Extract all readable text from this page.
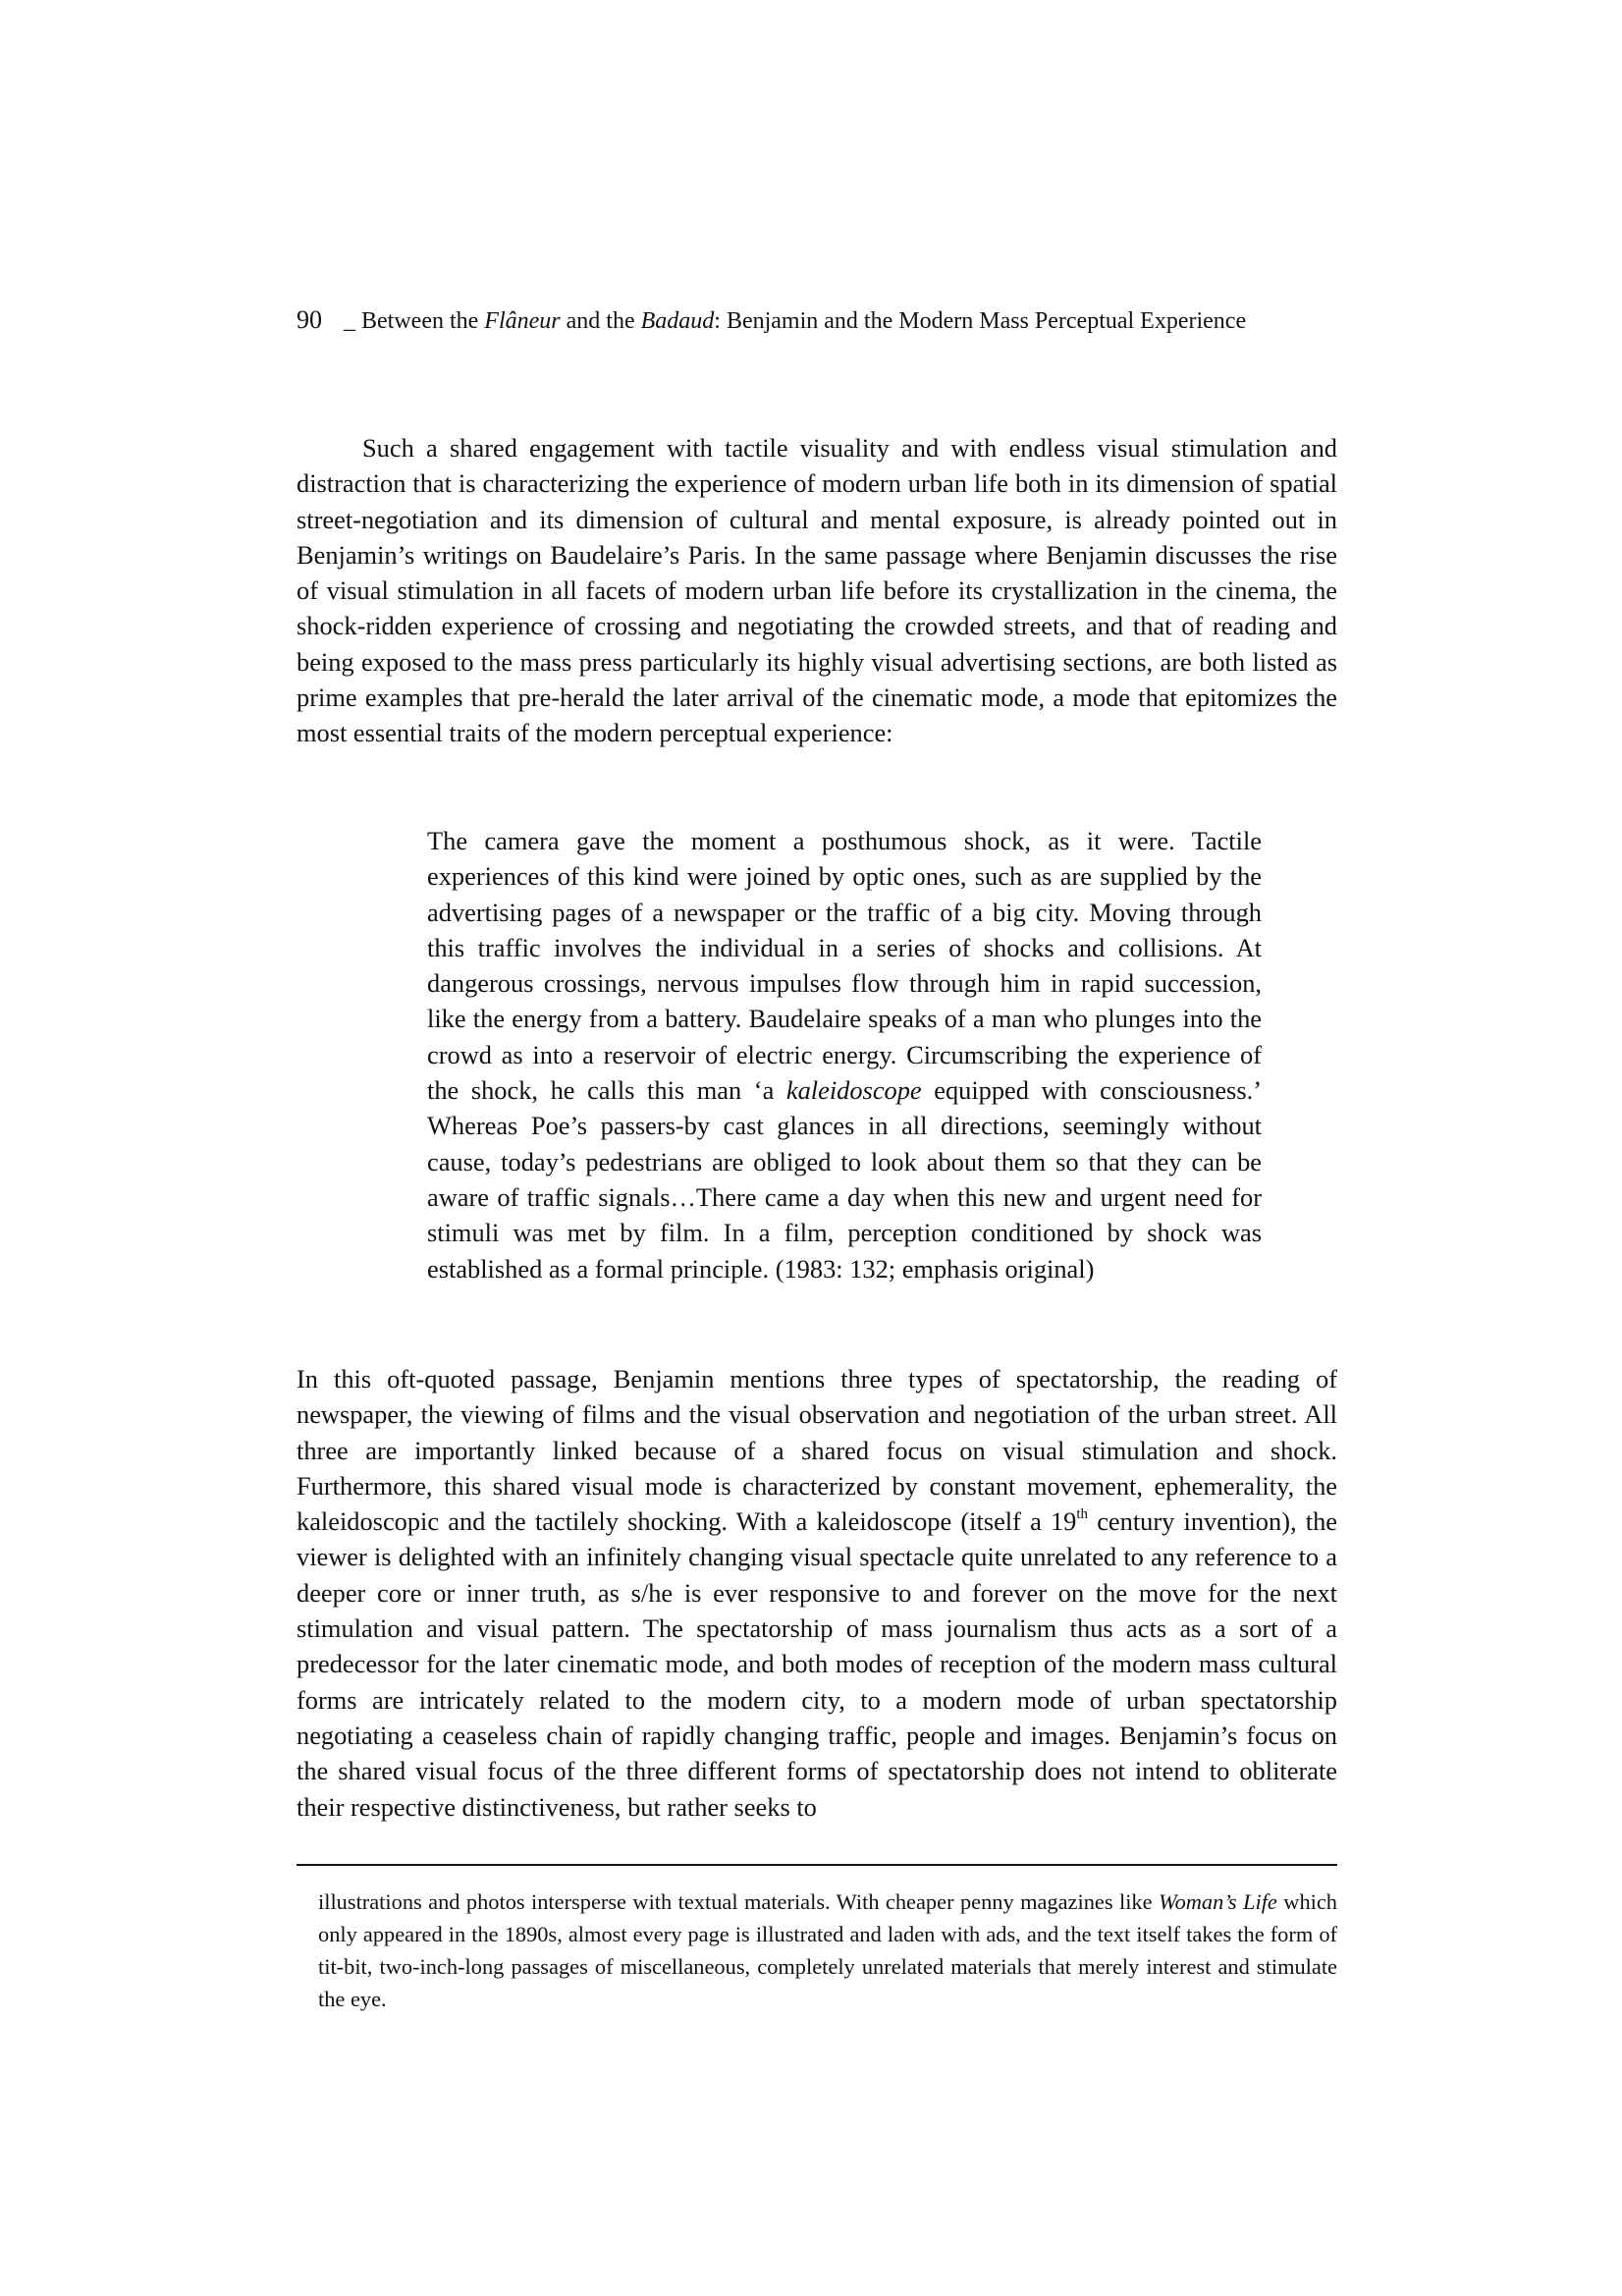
90 _ Between the Flâneur and the Badaud: Benjamin and the Modern Mass Perceptual Experience

Such a shared engagement with tactile visuality and with endless visual stimulation and distraction that is characterizing the experience of modern urban life both in its dimension of spatial street-negotiation and its dimension of cultural and mental exposure, is already pointed out in Benjamin’s writings on Baudelaire’s Paris. In the same passage where Benjamin discusses the rise of visual stimulation in all facets of modern urban life before its crystallization in the cinema, the shock-ridden experience of crossing and negotiating the crowded streets, and that of reading and being exposed to the mass press particularly its highly visual advertising sections, are both listed as prime examples that pre-herald the later arrival of the cinematic mode, a mode that epitomizes the most essential traits of the modern perceptual experience:

The camera gave the moment a posthumous shock, as it were. Tactile experiences of this kind were joined by optic ones, such as are supplied by the advertising pages of a newspaper or the traffic of a big city. Moving through this traffic involves the individual in a series of shocks and collisions. At dangerous crossings, nervous impulses flow through him in rapid succession, like the energy from a battery. Baudelaire speaks of a man who plunges into the crowd as into a reservoir of electric energy. Circumscribing the experience of the shock, he calls this man ‘a kaleidoscope equipped with consciousness.’ Whereas Poe’s passers-by cast glances in all directions, seemingly without cause, today’s pedestrians are obliged to look about them so that they can be aware of traffic signals…There came a day when this new and urgent need for stimuli was met by film. In a film, perception conditioned by shock was established as a formal principle. (1983: 132; emphasis original)

In this oft-quoted passage, Benjamin mentions three types of spectatorship, the reading of newspaper, the viewing of films and the visual observation and negotiation of the urban street. All three are importantly linked because of a shared focus on visual stimulation and shock. Furthermore, this shared visual mode is characterized by constant movement, ephemerality, the kaleidoscopic and the tactilely shocking. With a kaleidoscope (itself a 19th century invention), the viewer is delighted with an infinitely changing visual spectacle quite unrelated to any reference to a deeper core or inner truth, as s/he is ever responsive to and forever on the move for the next stimulation and visual pattern. The spectatorship of mass journalism thus acts as a sort of a predecessor for the later cinematic mode, and both modes of reception of the modern mass cultural forms are intricately related to the modern city, to a modern mode of urban spectatorship negotiating a ceaseless chain of rapidly changing traffic, people and images. Benjamin’s focus on the shared visual focus of the three different forms of spectatorship does not intend to obliterate their respective distinctiveness, but rather seeks to

illustrations and photos intersperse with textual materials. With cheaper penny magazines like Woman’s Life which only appeared in the 1890s, almost every page is illustrated and laden with ads, and the text itself takes the form of tit-bit, two-inch-long passages of miscellaneous, completely unrelated materials that merely interest and stimulate the eye.
